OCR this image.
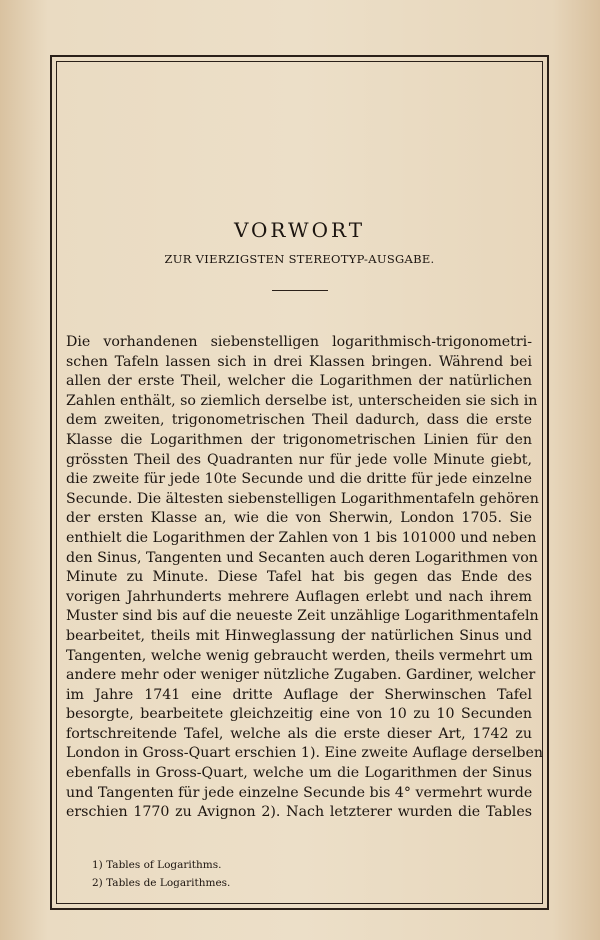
VORWORT
ZUR VIERZIGSTEN STEREOTYP-AUSGABE.
Die vorhandenen siebenstelligen logarithmisch-trigonometri-
schen Tafeln lassen sich in drei Klassen bringen. Während bei
allen der erste Theil, welcher die Logarithmen der natürlichen
Zahlen enthält, so ziemlich derselbe ist, unterscheiden sie sich in
dem zweiten, trigonometrischen Theil dadurch, dass die erste
Klasse die Logarithmen der trigonometrischen Linien für den
grössten Theil des Quadranten nur für jede volle Minute giebt,
die zweite für jede 10te Secunde und die dritte für jede einzelne
Secunde. Die ältesten siebenstelligen Logarithmentafeln gehören
der ersten Klasse an, wie die von Sherwin, London 1705. Sie
enthielt die Logarithmen der Zahlen von 1 bis 101000 und neben
den Sinus, Tangenten und Secanten auch deren Logarithmen von
Minute zu Minute. Diese Tafel hat bis gegen das Ende des
vorigen Jahrhunderts mehrere Auflagen erlebt und nach ihrem
Muster sind bis auf die neueste Zeit unzählige Logarithmentafeln
bearbeitet, theils mit Hinweglassung der natürlichen Sinus und
Tangenten, welche wenig gebraucht werden, theils vermehrt um
andere mehr oder weniger nützliche Zugaben. Gardiner, welcher
im Jahre 1741 eine dritte Auflage der Sherwinschen Tafel
besorgte, bearbeitete gleichzeitig eine von 10 zu 10 Secunden
fortschreitende Tafel, welche als die erste dieser Art, 1742 zu
London in Gross-Quart erschien 1). Eine zweite Auflage derselben
ebenfalls in Gross-Quart, welche um die Logarithmen der Sinus
und Tangenten für jede einzelne Secunde bis 4° vermehrt wurde
erschien 1770 zu Avignon 2). Nach letzterer wurden die Tables
1) Tables of Logarithms.
2) Tables de Logarithmes.
